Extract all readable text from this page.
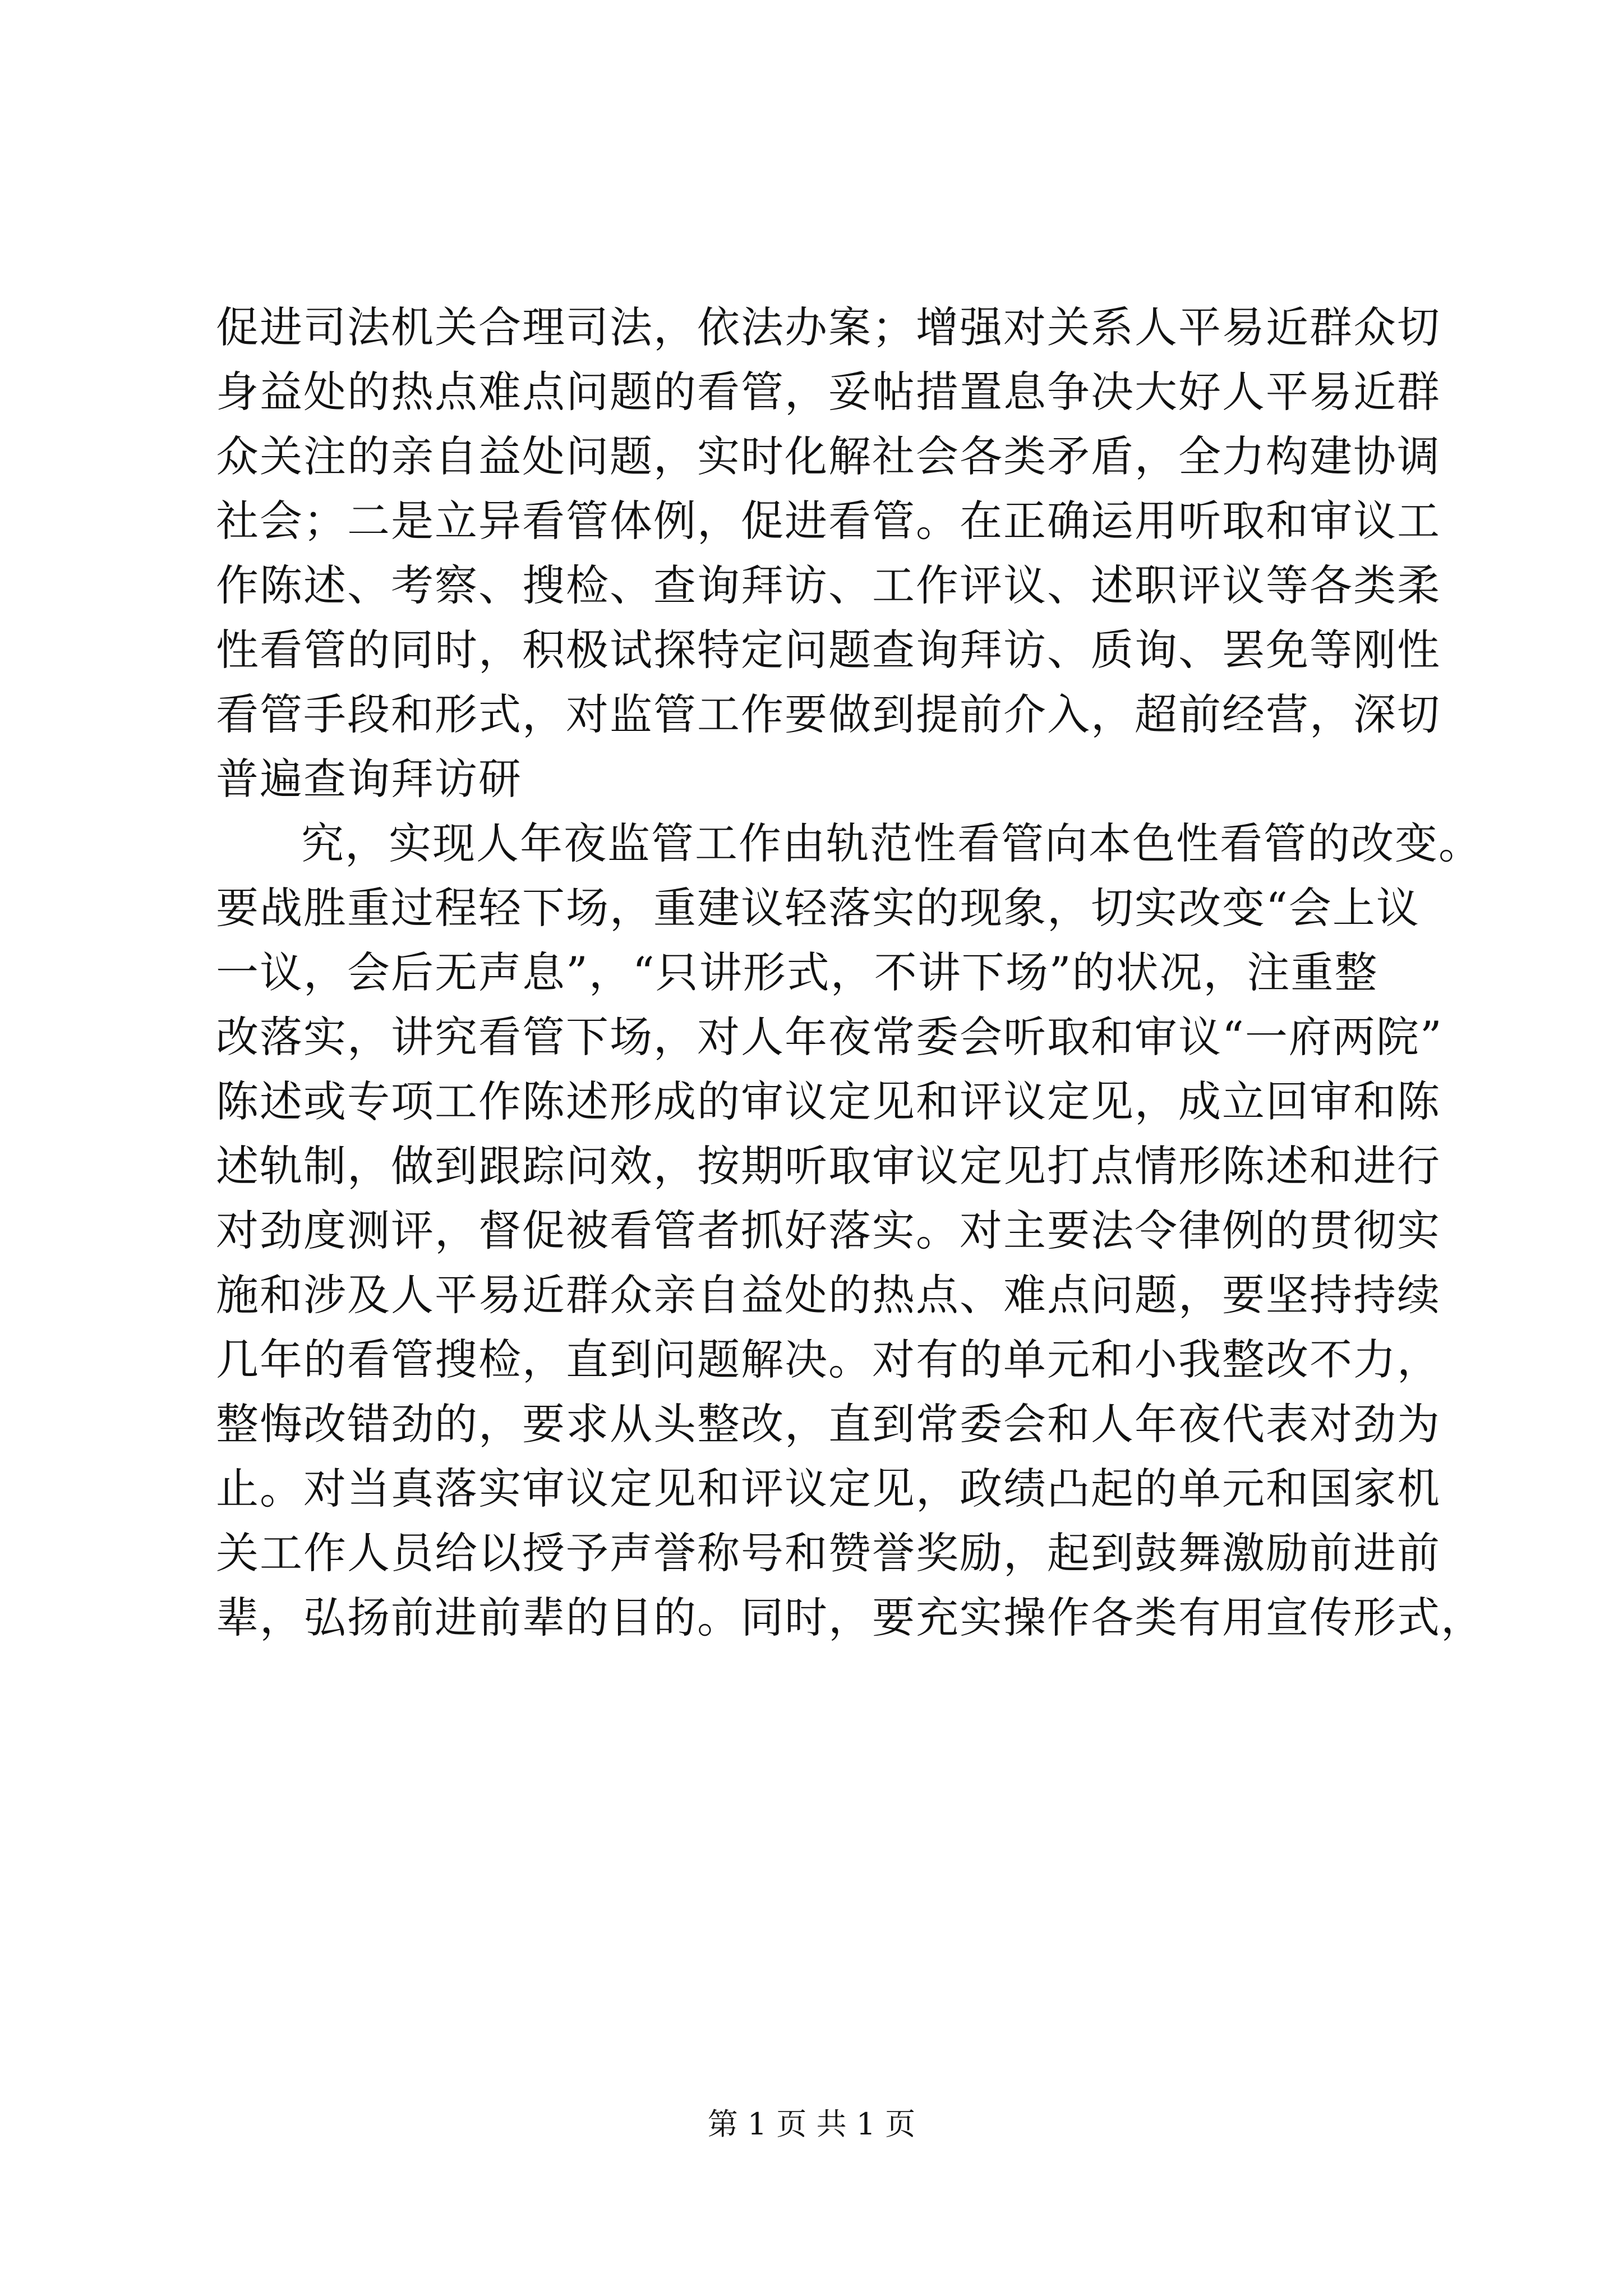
促进司法机关合理司法，依法办案；增强对关系人平易近群众切
身益处的热点难点问题的看管，妥帖措置息争决大好人平易近群
众关注的亲自益处问题，实时化解社会各类矛盾，全力构建协调
社会；二是立异看管体例，促进看管。在正确运用听取和审议工
作陈述、考察、搜检、查询拜访、工作评议、述职评议等各类柔
性看管的同时，积极试探特定问题查询拜访、质询、罢免等刚性
看管手段和形式，对监管工作要做到提前介入，超前经营，深切
普遍查询拜访研
究，实现人年夜监管工作由轨范性看管向本色性看管的改变。
要战胜重过程轻下场，重建议轻落实的现象，切实改变“会上议
一议，会后无声息”，“只讲形式，不讲下场”的状况，注重整
改落实，讲究看管下场，对人年夜常委会听取和审议“一府两院”
陈述或专项工作陈述形成的审议定见和评议定见，成立回审和陈
述轨制，做到跟踪问效，按期听取审议定见打点情形陈述和进行
对劲度测评，督促被看管者抓好落实。对主要法令律例的贯彻实
施和涉及人平易近群众亲自益处的热点、难点问题，要坚持持续
几年的看管搜检，直到问题解决。对有的单元和小我整改不力，
整悔改错劲的，要求从头整改，直到常委会和人年夜代表对劲为
止。对当真落实审议定见和评议定见，政绩凸起的单元和国家机
关工作人员给以授予声誉称号和赞誉奖励，起到鼓舞激励前进前
辈，弘扬前进前辈的目的。同时，要充实操作各类有用宣传形式，
第 1 页 共 1 页
